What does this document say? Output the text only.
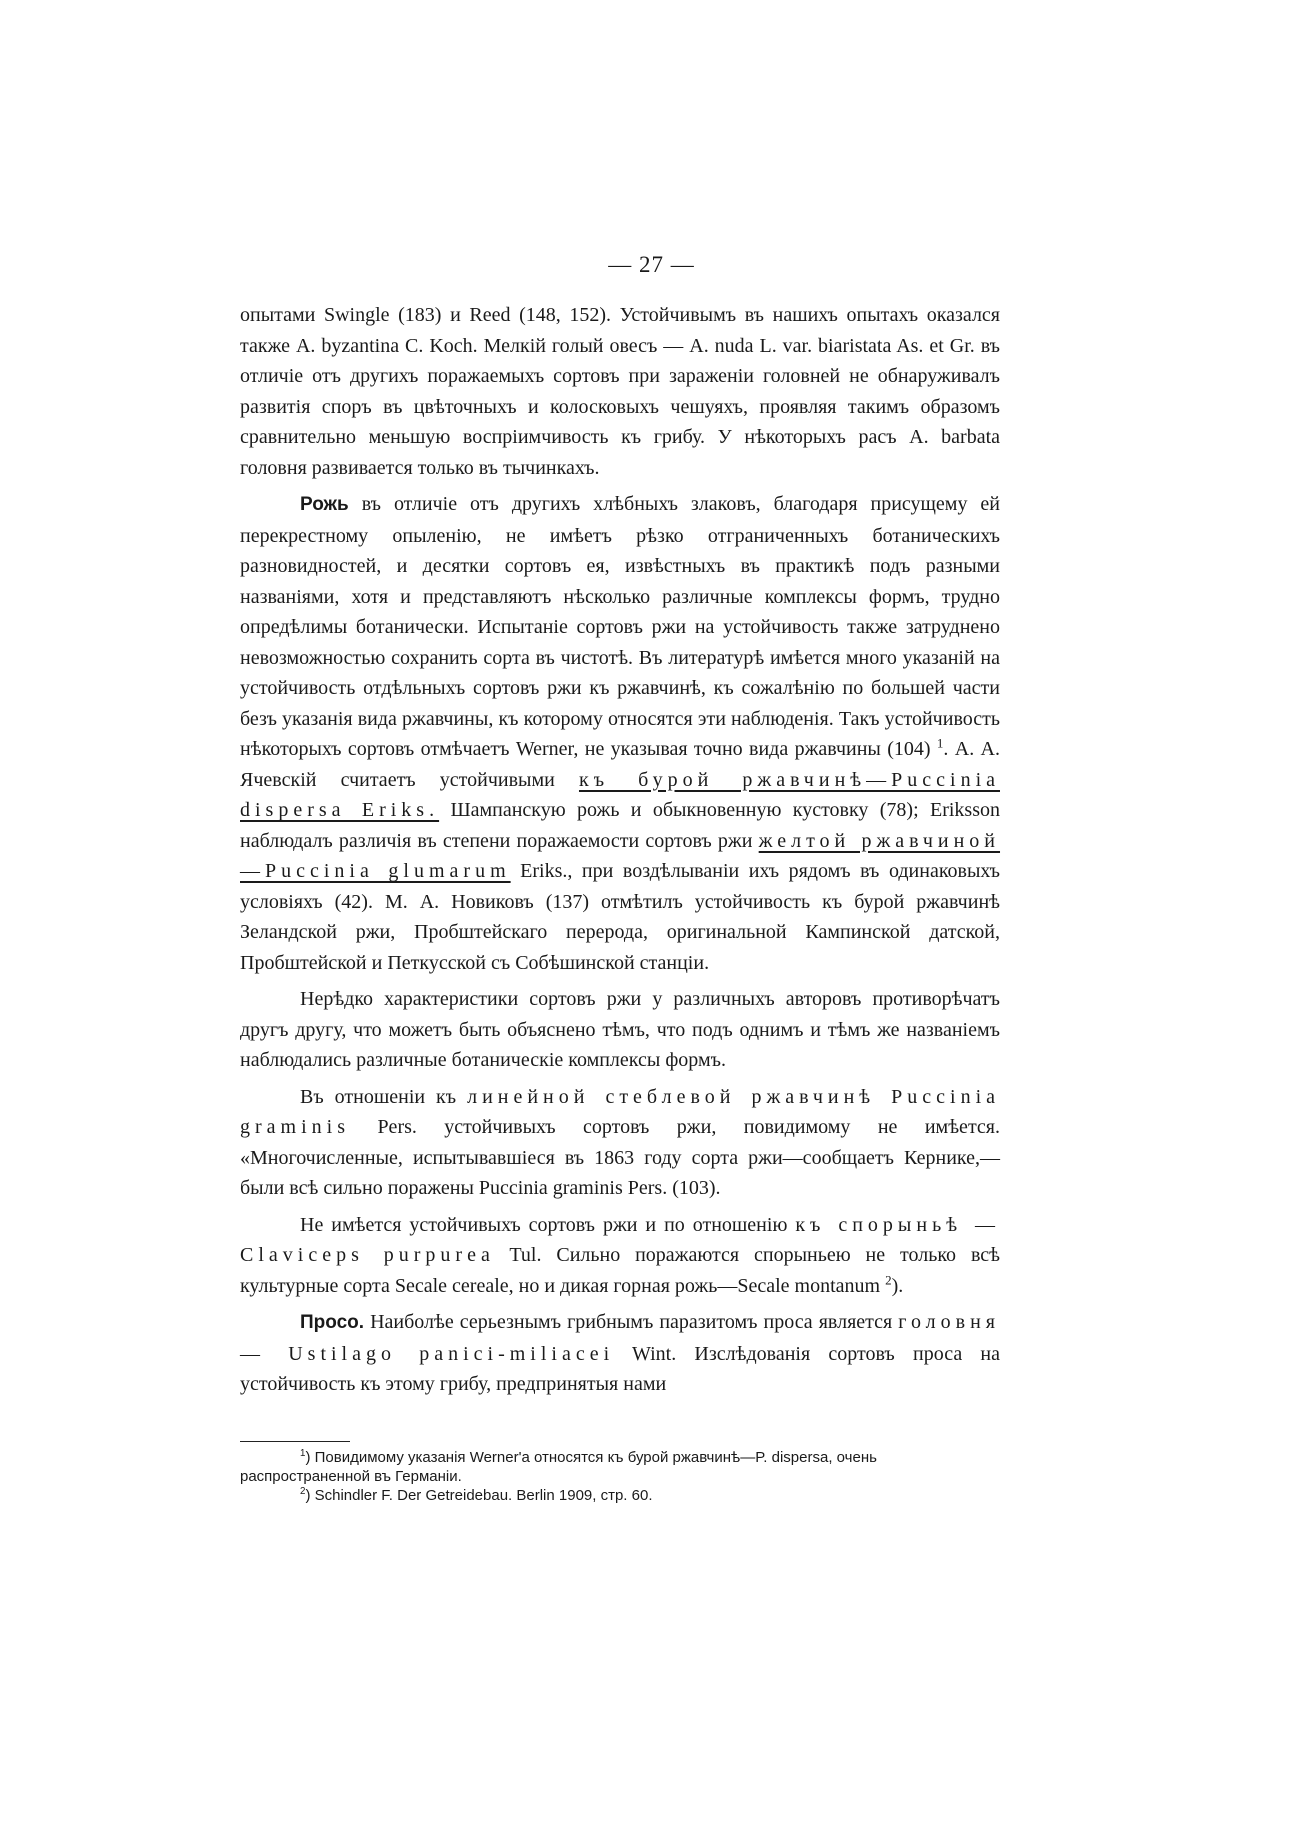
— 27 —

опытами Swingle (183) и Reed (148, 152). Устойчивымъ въ нашихъ опытахъ оказался также A. byzantina C. Koch. Мелкій голый овесъ — A. nuda L. var. biaristata As. et Gr. въ отличіе отъ другихъ поражаемыхъ сортовъ при зараженіи головней не обнаруживалъ развитія споръ въ цвѣточныхъ и колосковыхъ чешуяхъ, проявляя такимъ образомъ сравнительно меньшую воспріимчивость къ грибу. У нѣкоторыхъ расъ A. barbata головня развивается только въ тычинкахъ.

Рожь въ отличіе отъ другихъ хлѣбныхъ злаковъ, благодаря присущему ей перекрестному опыленію, не имѣетъ рѣзко отграниченныхъ ботаническихъ разновидностей, и десятки сортовъ ея, извѣстныхъ въ практикѣ подъ разными названіями, хотя и представляютъ нѣсколько различные комплексы формъ, трудно опредѣлимы ботанически. Испытаніе сортовъ ржи на устойчивость также затруднено невозможностью сохранить сорта въ чистотѣ. Въ литературѣ имѣется много указаній на устойчивость отдѣльныхъ сортовъ ржи къ ржавчинѣ, къ сожалѣнію по большей части безъ указанія вида ржавчины, къ которому относятся эти наблюденія. Такъ устойчивость нѣкоторыхъ сортовъ отмѣчаетъ Werner, не указывая точно вида ржавчины (104) $^1$. А. А. Ячевскій считаетъ устойчивыми къ бурой ржавчинѣ—Puccinia dispersa Eriks. Шампанскую рожь и обыкновенную кустовку (78); Eriksson наблюдалъ различія въ степени поражаемости сортовъ ржи желтой ржавчиной—Puccinia glumarum Eriks., при воздѣлываніи ихъ рядомъ въ одинаковыхъ условіяхъ (42). М. А. Новиковъ (137) отмѣтилъ устойчивость къ бурой ржавчинѣ Зеландской ржи, Пробштейскаго перерода, оригинальной Кампинской датской, Пробштейской и Петкусской съ Собѣшинской станціи.

Нерѣдко характеристики сортовъ ржи у различныхъ авторовъ противорѣчатъ другъ другу, что можетъ быть объяснено тѣмъ, что подъ однимъ и тѣмъ же названіемъ наблюдались различные ботаническіе комплексы формъ.

Въ отношеніи къ линейной стеблевой ржавчинѣ Puccinia graminis Pers. устойчивыхъ сортовъ ржи, повидимому не имѣется. «Многочисленные, испытывавшіеся въ 1863 году сорта ржи—сообщаетъ Кернике,—были всѣ сильно поражены Puccinia graminis Pers. (103).

Не имѣется устойчивыхъ сортовъ ржи и по отношенію къ спорыньѣ — Claviceps purpurea Tul. Сильно поражаются спорыньею не только всѣ культурные сорта Secale cereale, но и дикая горная рожь—Secale montanum $^2$).

Просо. Наиболѣе серьезнымъ грибнымъ паразитомъ проса является головня — Ustilago panici-miliacei Wint. Изслѣдованія сортовъ проса на устойчивость къ этому грибу, предпринятыя нами

$^1$) Повидимому указанія Werner'a относятся къ бурой ржавчинѣ—P. dispersa, очень распространенной въ Германіи.

$^2$) Schindler F. Der Getreidebau. Berlin 1909, стр. 60.
